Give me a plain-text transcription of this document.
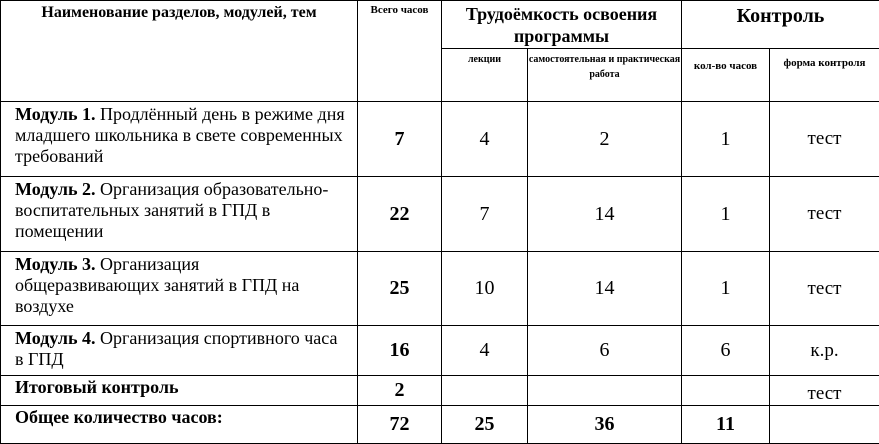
Наименование разделов, модулей, тем	Всего часов	Трудоёмкость освоения программы		Контроль	
		лекции	самостоятельная и практическая работа	кол-во часов	форма контроля
Модуль 1. Продлённый день в режиме дня младшего школьника в свете современных требований	7	4	2	1	тест
Модуль 2. Организация образовательно-воспитательных занятий в ГПД в помещении	22	7	14	1	тест
Модуль 3. Организация общеразвивающих занятий в ГПД на воздухе	25	10	14	1	тест
Модуль 4. Организация спортивного часа в ГПД	16	4	6	6	к.р.
Итоговый контроль	2				тест
Общее количество часов:	72	25	36	11	
